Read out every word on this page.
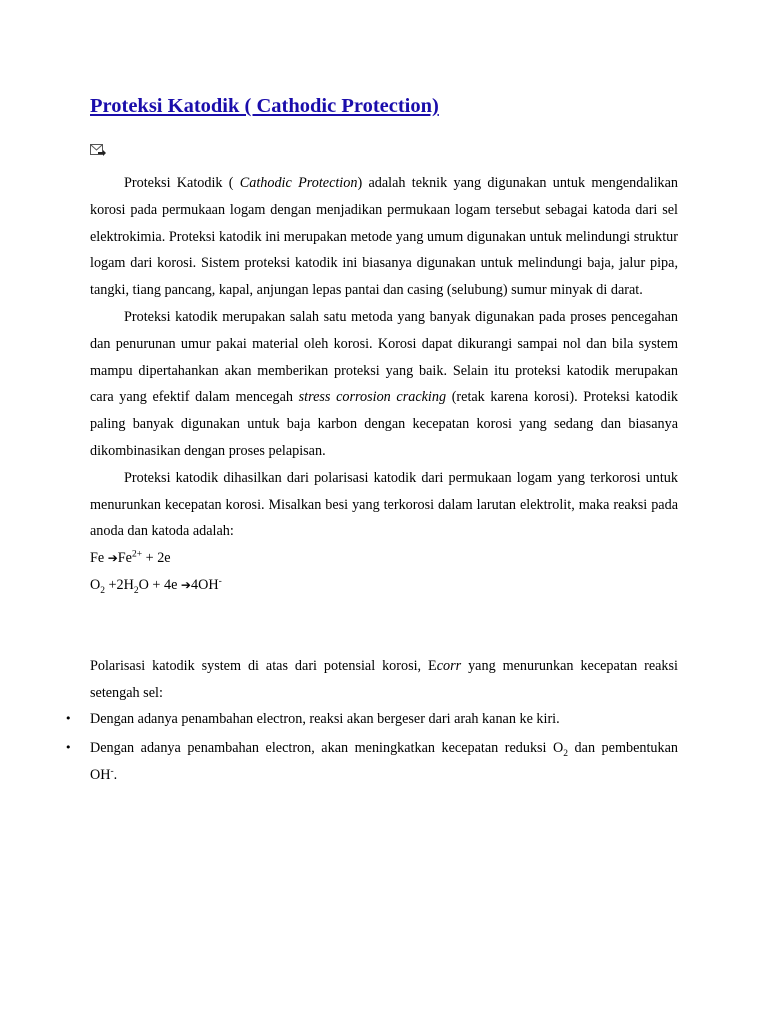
Proteksi Katodik ( Cathodic Protection)

Proteksi Katodik ( Cathodic Protection) adalah teknik yang digunakan untuk mengendalikan korosi pada permukaan logam dengan menjadikan permukaan logam tersebut sebagai katoda dari sel elektrokimia. Proteksi katodik ini merupakan metode yang umum digunakan untuk melindungi struktur logam dari korosi. Sistem proteksi katodik ini biasanya digunakan untuk melindungi baja, jalur pipa, tangki, tiang pancang, kapal, anjungan lepas pantai dan casing (selubung) sumur minyak di darat.

Proteksi katodik merupakan salah satu metoda yang banyak digunakan pada proses pencegahan dan penurunan umur pakai material oleh korosi. Korosi dapat dikurangi sampai nol dan bila system mampu dipertahankan akan memberikan proteksi yang baik. Selain itu proteksi katodik merupakan cara yang efektif dalam mencegah stress corrosion cracking (retak karena korosi). Proteksi katodik paling banyak digunakan untuk baja karbon dengan kecepatan korosi yang sedang dan biasanya dikombinasikan dengan proses pelapisan.

Proteksi katodik dihasilkan dari polarisasi katodik dari permukaan logam yang terkorosi untuk menurunkan kecepatan korosi. Misalkan besi yang terkorosi dalam larutan elektrolit, maka reaksi pada anoda dan katoda adalah:

Fe $➔Fe^{2+} + 2e$

$O_2 +2H_2O + 4e$ ➔4OH-

Polarisasi katodik system di atas dari potensial korosi, Ecorr yang menurunkan kecepatan reaksi setengah sel:

• Dengan adanya penambahan electron, reaksi akan bergeser dari arah kanan ke kiri.
• Dengan adanya penambahan electron, akan meningkatkan kecepatan reduksi $O_2$ dan pembentukan OH-.
